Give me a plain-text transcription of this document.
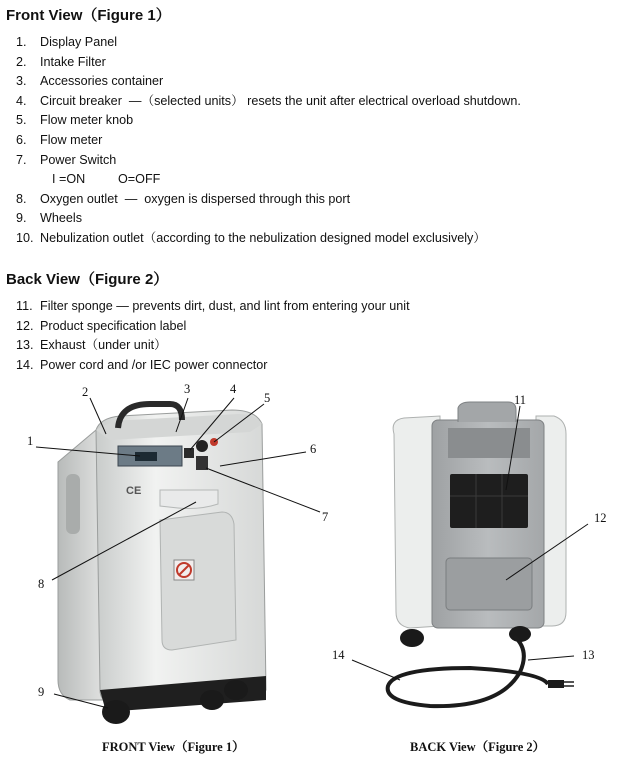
Front View（Figure 1）
1. Display Panel
2. Intake Filter
3. Accessories container
4. Circuit breaker  —（selected units） resets the unit after electrical overload shutdown.
5. Flow meter knob
6. Flow meter
7. Power Switch
I =ON	O=OFF
8. Oxygen outlet  —  oxygen is dispersed through this port
9. Wheels
10. Nebulization outlet（according to the nebulization designed model exclusively）
Back View（Figure 2）
11. Filter sponge — prevents dirt, dust, and lint from entering your unit
12. Product specification label
13. Exhaust（under unit）
14. Power cord and /or IEC power connector
CE
1
2	3	4
5
6
7
8
9
11
12
13
14
FRONT View（Figure 1）	BACK View（Figure 2）
